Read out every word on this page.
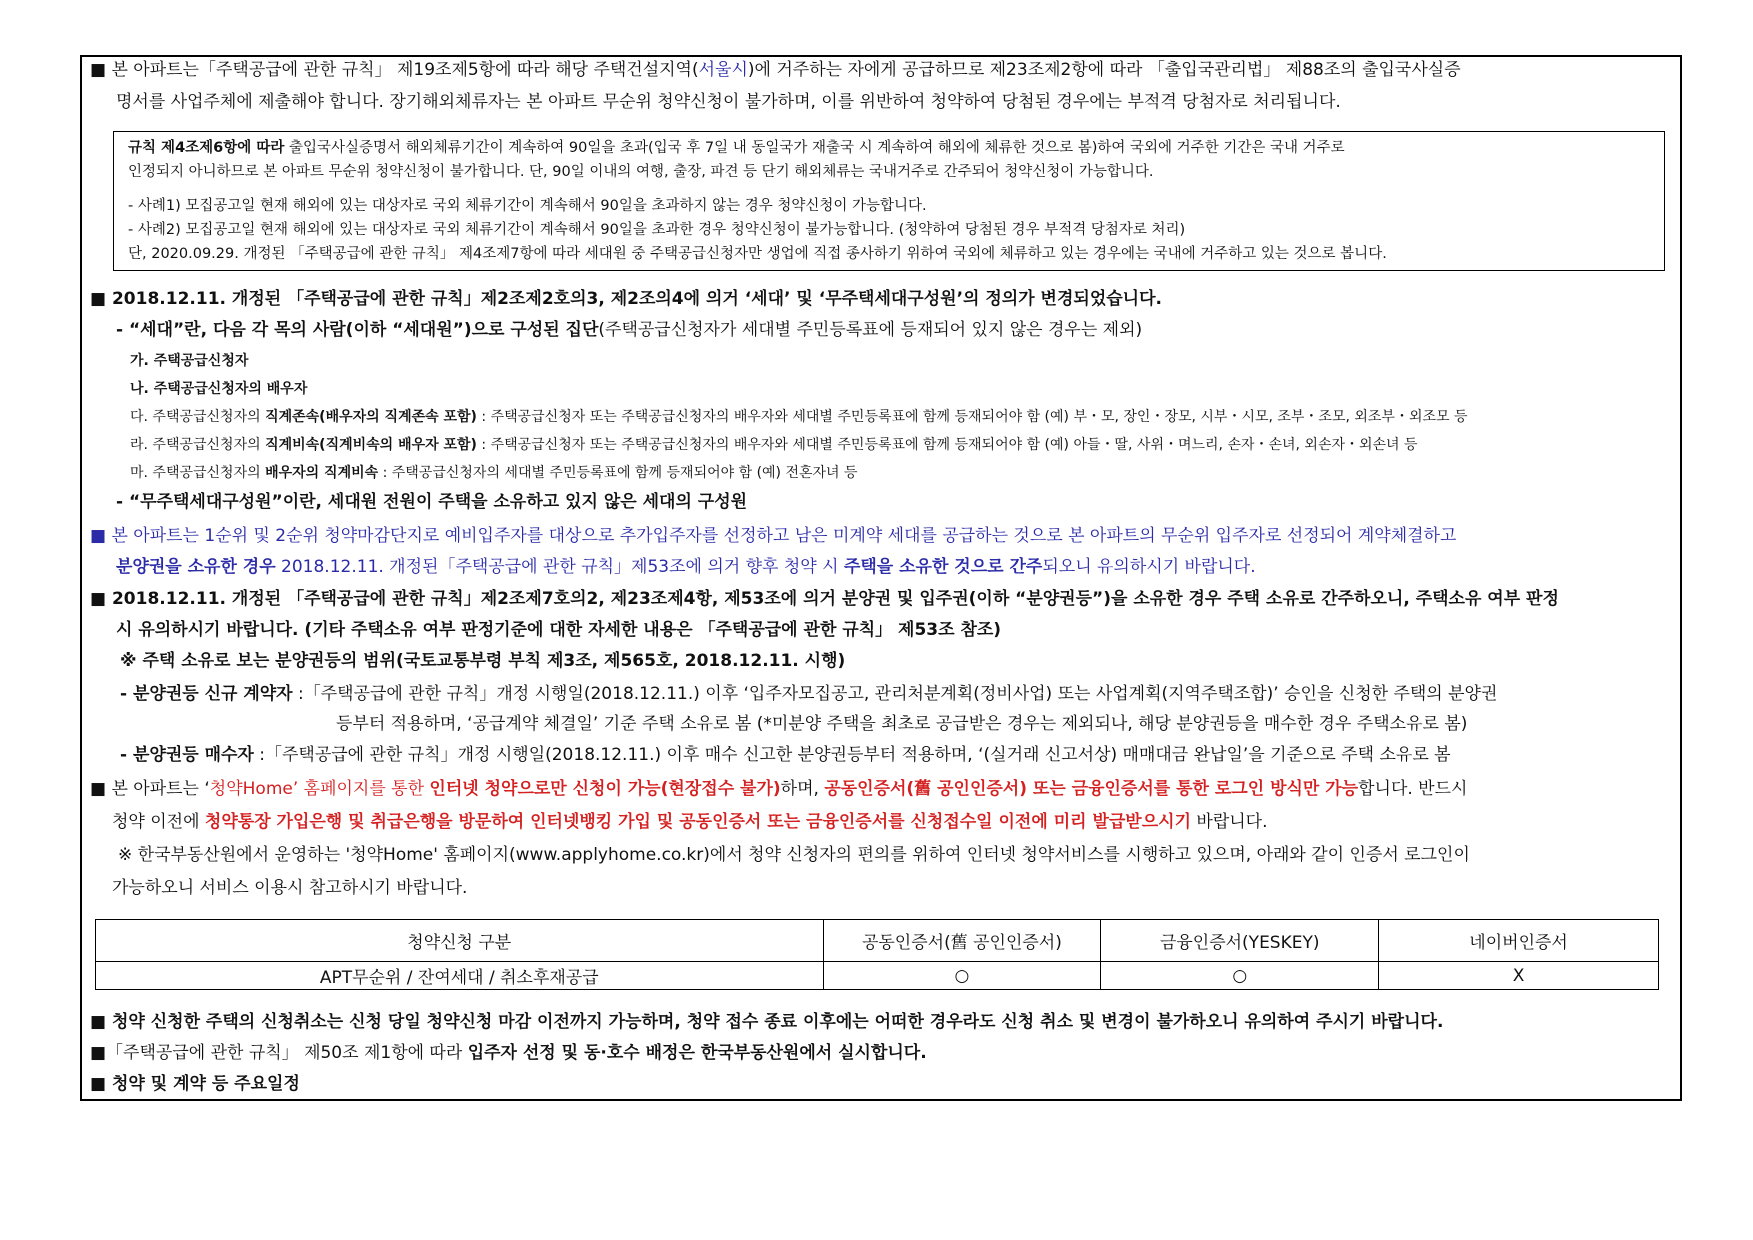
■ 본 아파트는「주택공급에 관한 규칙」 제19조제5항에 따라 해당 주택건설지역(서울시)에 거주하는 자에게 공급하므로 제23조제2항에 따라 「출입국관리법」 제88조의 출입국사실증
명서를 사업주체에 제출해야 합니다. 장기해외체류자는 본 아파트 무순위 청약신청이 불가하며, 이를 위반하여 청약하여 당첨된 경우에는 부적격 당첨자로 처리됩니다.
규칙 제4조제6항에 따라 출입국사실증명서 해외체류기간이 계속하여 90일을 초과(입국 후 7일 내 동일국가 재출국 시 계속하여 해외에 체류한 것으로 봄)하여 국외에 거주한 기간은 국내 거주로
인정되지 아니하므로 본 아파트 무순위 청약신청이 불가합니다. 단, 90일 이내의 여행, 출장, 파견 등 단기 해외체류는 국내거주로 간주되어 청약신청이 가능합니다.
- 사례1) 모집공고일 현재 해외에 있는 대상자로 국외 체류기간이 계속해서 90일을 초과하지 않는 경우 청약신청이 가능합니다.
- 사례2) 모집공고일 현재 해외에 있는 대상자로 국외 체류기간이 계속해서 90일을 초과한 경우 청약신청이 불가능합니다. (청약하여 당첨된 경우 부적격 당첨자로 처리)
단, 2020.09.29. 개정된 「주택공급에 관한 규칙」 제4조제7항에 따라 세대원 중 주택공급신청자만 생업에 직접 종사하기 위하여 국외에 체류하고 있는 경우에는 국내에 거주하고 있는 것으로 봅니다.
■ 2018.12.11. 개정된 「주택공급에 관한 규칙」제2조제2호의3, 제2조의4에 의거 ‘세대’ 및 ‘무주택세대구성원’의 정의가 변경되었습니다.
- “세대”란, 다음 각 목의 사람(이하 “세대원”)으로 구성된 집단(주택공급신청자가 세대별 주민등록표에 등재되어 있지 않은 경우는 제외)
가. 주택공급신청자
나. 주택공급신청자의 배우자
다. 주택공급신청자의 직계존속(배우자의 직계존속 포함) : 주택공급신청자 또는 주택공급신청자의 배우자와 세대별 주민등록표에 함께 등재되어야 함 (예) 부・모, 장인・장모, 시부・시모, 조부・조모, 외조부・외조모 등
라. 주택공급신청자의 직계비속(직계비속의 배우자 포함) : 주택공급신청자 또는 주택공급신청자의 배우자와 세대별 주민등록표에 함께 등재되어야 함 (예) 아들・딸, 사위・며느리, 손자・손녀, 외손자・외손녀 등
마. 주택공급신청자의 배우자의 직계비속 : 주택공급신청자의 세대별 주민등록표에 함께 등재되어야 함 (예) 전혼자녀 등
- “무주택세대구성원”이란, 세대원 전원이 주택을 소유하고 있지 않은 세대의 구성원
■ 본 아파트는 1순위 및 2순위 청약마감단지로 예비입주자를 대상으로 추가입주자를 선정하고 남은 미계약 세대를 공급하는 것으로 본 아파트의 무순위 입주자로 선정되어 계약체결하고
분양권을 소유한 경우 2018.12.11. 개정된「주택공급에 관한 규칙」제53조에 의거 향후 청약 시 주택을 소유한 것으로 간주되오니 유의하시기 바랍니다.
■ 2018.12.11. 개정된 「주택공급에 관한 규칙」제2조제7호의2, 제23조제4항, 제53조에 의거 분양권 및 입주권(이하 “분양권등”)을 소유한 경우 주택 소유로 간주하오니, 주택소유 여부 판정
시 유의하시기 바랍니다. (기타 주택소유 여부 판정기준에 대한 자세한 내용은 「주택공급에 관한 규칙」 제53조 참조)
※ 주택 소유로 보는 분양권등의 범위(국토교통부령 부칙 제3조, 제565호, 2018.12.11. 시행)
- 분양권등 신규 계약자 :「주택공급에 관한 규칙」개정 시행일(2018.12.11.) 이후 ‘입주자모집공고, 관리처분계획(정비사업) 또는 사업계획(지역주택조합)’ 승인을 신청한 주택의 분양권
등부터 적용하며, ‘공급계약 체결일’ 기준 주택 소유로 봄 (*미분양 주택을 최초로 공급받은 경우는 제외되나, 해당 분양권등을 매수한 경우 주택소유로 봄)
- 분양권등 매수자 :「주택공급에 관한 규칙」개정 시행일(2018.12.11.) 이후 매수 신고한 분양권등부터 적용하며, ‘(실거래 신고서상) 매매대금 완납일’을 기준으로 주택 소유로 봄
■ 본 아파트는 ‘청약Home’ 홈페이지를 통한 인터넷 청약으로만 신청이 가능(현장접수 불가)하며, 공동인증서(舊 공인인증서) 또는 금융인증서를 통한 로그인 방식만 가능합니다. 반드시
청약 이전에 청약통장 가입은행 및 취급은행을 방문하여 인터넷뱅킹 가입 및 공동인증서 또는 금융인증서를 신청접수일 이전에 미리 발급받으시기 바랍니다.
※ 한국부동산원에서 운영하는 '청약Home' 홈페이지(www.applyhome.co.kr)에서 청약 신청자의 편의를 위하여 인터넷 청약서비스를 시행하고 있으며, 아래와 같이 인증서 로그인이
가능하오니 서비스 이용시 참고하시기 바랍니다.
청약신청 구분	공동인증서(舊 공인인증서)	금융인증서(YESKEY)	네이버인증서
APT무순위 / 잔여세대 / 취소후재공급	○	○	X
■ 청약 신청한 주택의 신청취소는 신청 당일 청약신청 마감 이전까지 가능하며, 청약 접수 종료 이후에는 어떠한 경우라도 신청 취소 및 변경이 불가하오니 유의하여 주시기 바랍니다.
■「주택공급에 관한 규칙」 제50조 제1항에 따라 입주자 선정 및 동·호수 배정은 한국부동산원에서 실시합니다.
■ 청약 및 계약 등 주요일정
